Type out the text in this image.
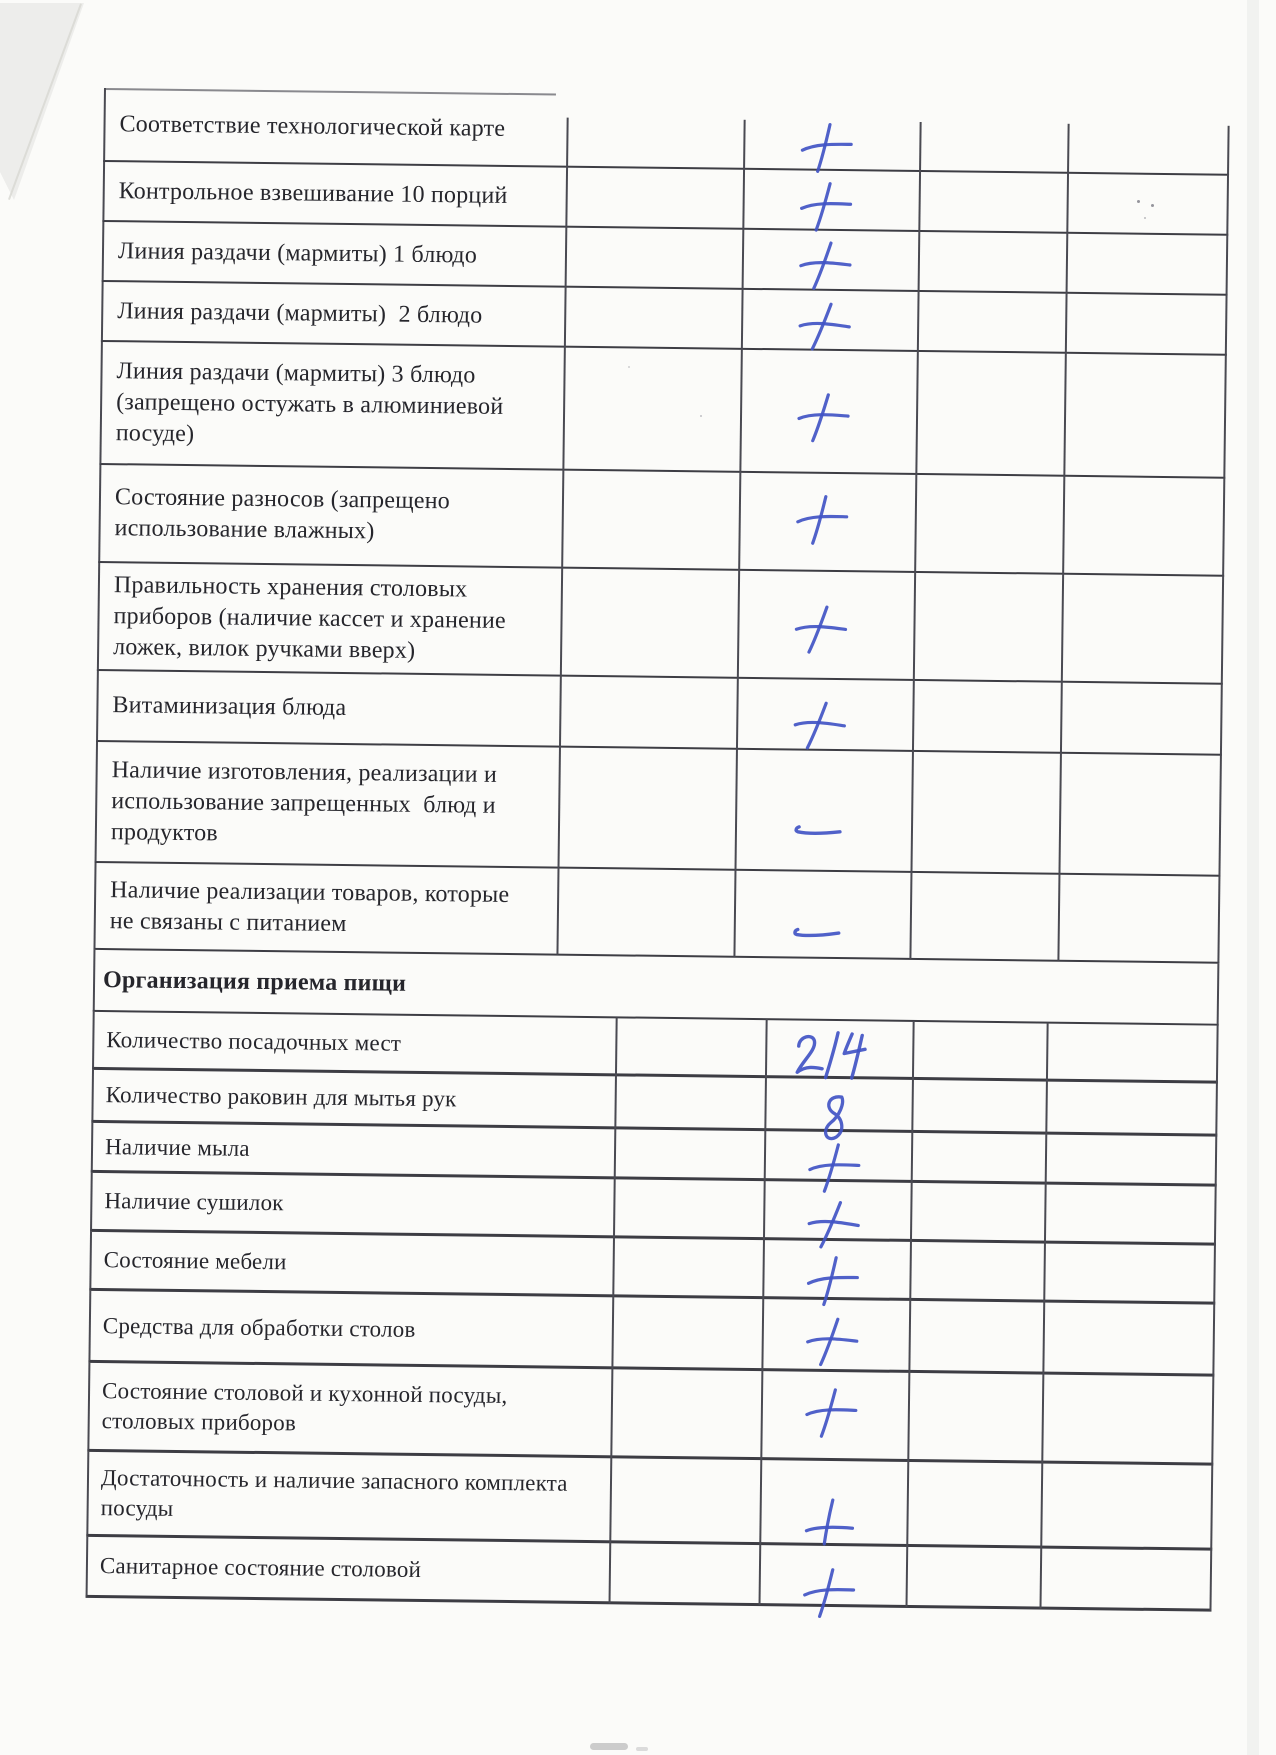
Соответствие технологической карте
Контрольное взвешивание 10 порций
Линия раздачи (мармиты) 1 блюдо
Линия раздачи (мармиты)  2 блюдо
Линия раздачи (мармиты) 3 блюдо
(запрещено остужать в алюминиевой
посуде)
Состояние разносов (запрещено
использование влажных)
Правильность хранения столовых
приборов (наличие кассет и хранение
ложек, вилок ручками вверх)
Витаминизация блюда
Наличие изготовления, реализации и
использование запрещенных  блюд и
продуктов
Наличие реализации товаров, которые
не связаны с питанием
Организация приема пищи
Количество посадочных мест
Количество раковин для мытья рук
Наличие мыла
Наличие сушилок
Состояние мебели
Средства для обработки столов
Состояние столовой и кухонной посуды,
столовых приборов
Достаточность и наличие запасного комплекта
посуды
Санитарное состояние столовой
